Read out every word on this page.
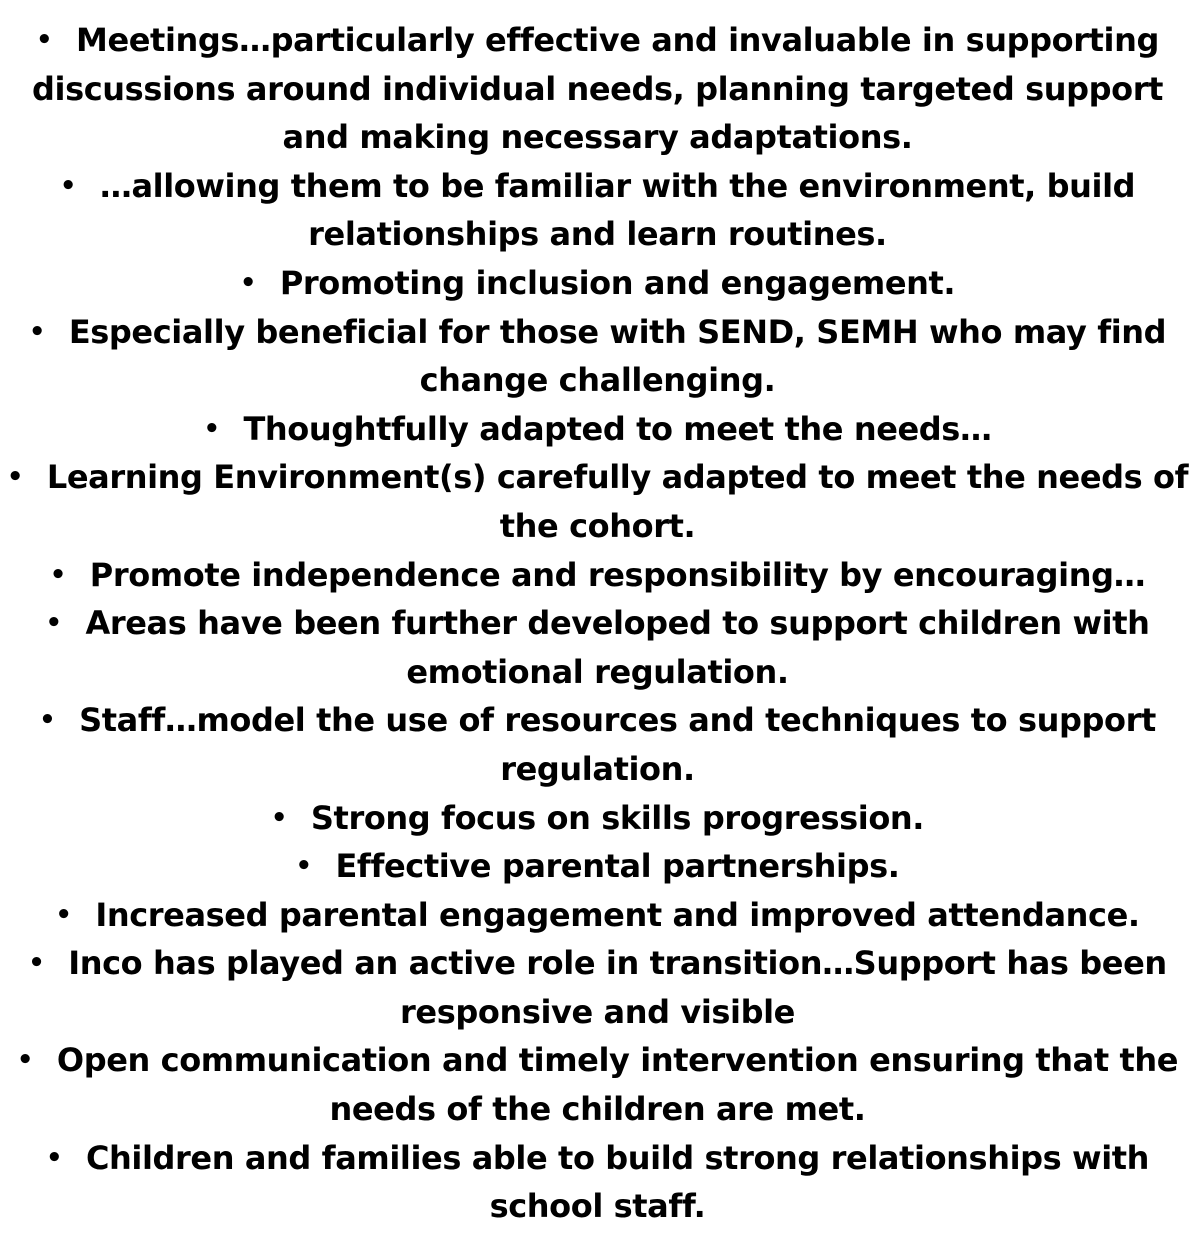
• Meetings…particularly effective and invaluable in supporting discussions around individual needs, planning targeted support and making necessary adaptations.
• …allowing them to be familiar with the environment, build relationships and learn routines.
• Promoting inclusion and engagement.
• Especially beneficial for those with SEND, SEMH who may find change challenging.
• Thoughtfully adapted to meet the needs…
• Learning Environment(s) carefully adapted to meet the needs of the cohort.
• Promote independence and responsibility by encouraging…
• Areas have been further developed to support children with emotional regulation.
• Staff…model the use of resources and techniques to support regulation.
• Strong focus on skills progression.
• Effective parental partnerships.
• Increased parental engagement and improved attendance.
• Inco has played an active role in transition…Support has been responsive and visible
• Open communication and timely intervention ensuring that the needs of the children are met.
• Children and families able to build strong relationships with school staff.
